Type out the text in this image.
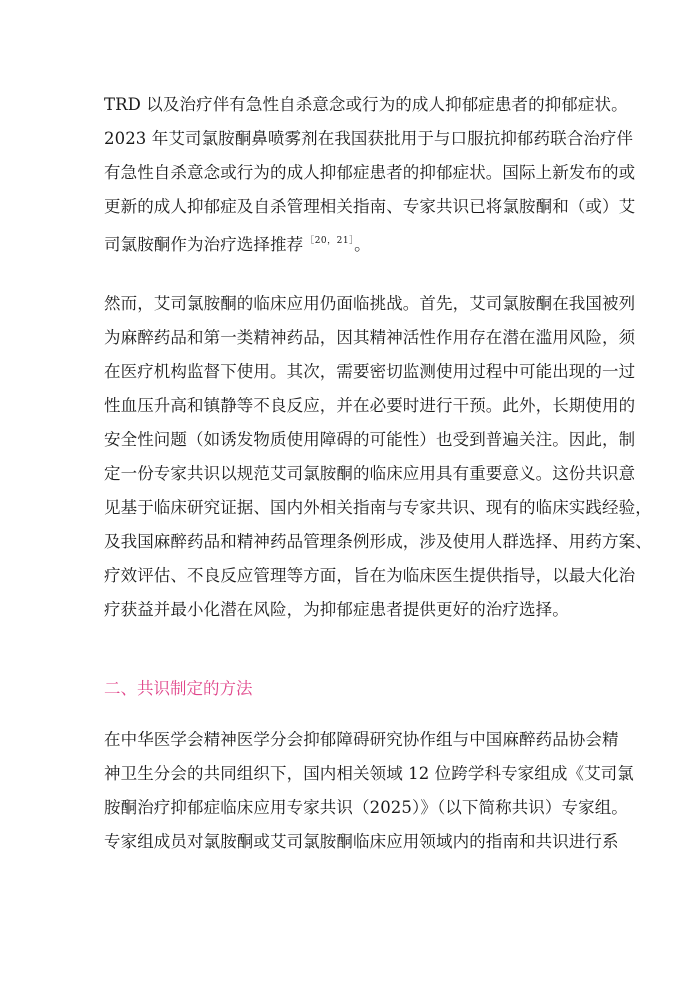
TRD 以及治疗伴有急性自杀意念或行为的成人抑郁症患者的抑郁症状。
2023 年艾司氯胺酮鼻喷雾剂在我国获批用于与口服抗抑郁药联合治疗伴
有急性自杀意念或行为的成人抑郁症患者的抑郁症状。国际上新发布的或
更新的成人抑郁症及自杀管理相关指南、专家共识已将氯胺酮和（或）艾
司氯胺酮作为治疗选择推荐 $^{[20,21]}$。
然而，艾司氯胺酮的临床应用仍面临挑战。首先，艾司氯胺酮在我国被列
为麻醉药品和第一类精神药品，因其精神活性作用存在潜在滥用风险，须
在医疗机构监督下使用。其次，需要密切监测使用过程中可能出现的一过
性血压升高和镇静等不良反应，并在必要时进行干预。此外，长期使用的
安全性问题（如诱发物质使用障碍的可能性）也受到普遍关注。因此，制
定一份专家共识以规范艾司氯胺酮的临床应用具有重要意义。这份共识意
见基于临床研究证据、国内外相关指南与专家共识、现有的临床实践经验，
及我国麻醉药品和精神药品管理条例形成，涉及使用人群选择、用药方案、
疗效评估、不良反应管理等方面，旨在为临床医生提供指导，以最大化治
疗获益并最小化潜在风险，为抑郁症患者提供更好的治疗选择。
二、共识制定的方法
在中华医学会精神医学分会抑郁障碍研究协作组与中国麻醉药品协会精
神卫生分会的共同组织下，国内相关领域 12 位跨学科专家组成《艾司氯
胺酮治疗抑郁症临床应用专家共识（2025）》（以下简称共识）专家组。
专家组成员对氯胺酮或艾司氯胺酮临床应用领域内的指南和共识进行系
